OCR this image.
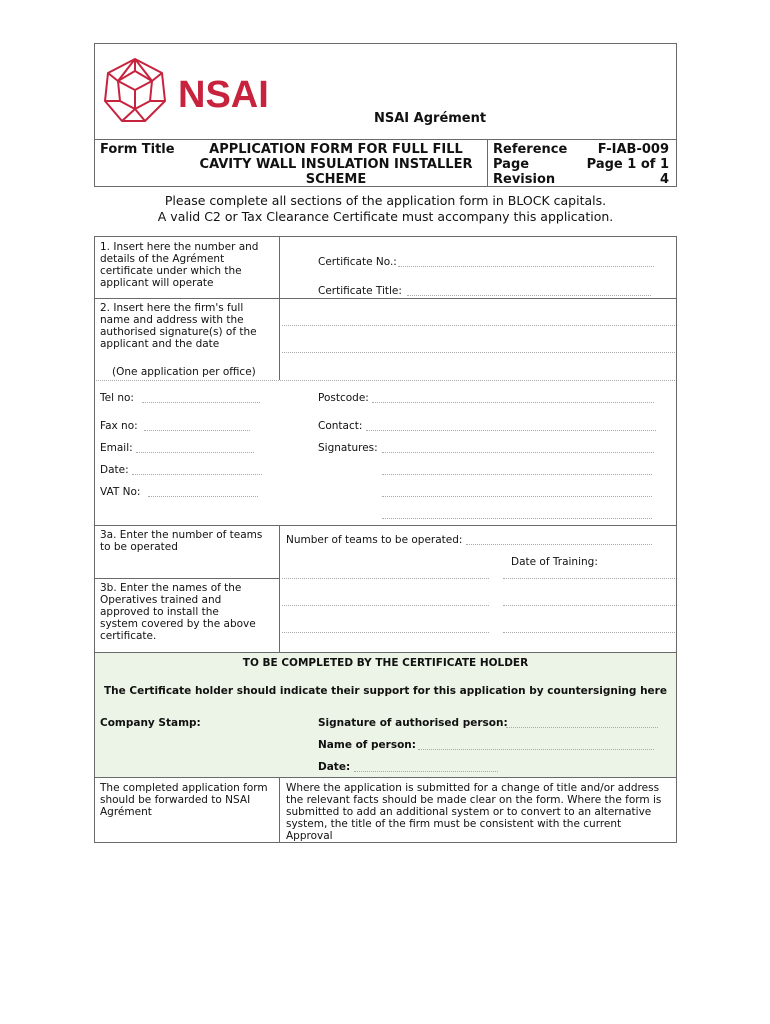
NSAI
NSAI Agrément
Form Title	APPLICATION FORM FOR FULL FILL
CAVITY WALL INSULATION INSTALLER
SCHEME
Reference	F-IAB-009
Page	Page 1 of 1
Revision	4
Please complete all sections of the application form in BLOCK capitals.
A valid C2 or Tax Clearance Certificate must accompany this application.
1. Insert here the number and details of the Agrément certificate under which the applicant will operate
Certificate No.:
Certificate Title:
2. Insert here the firm's full name and address with the authorised signature(s) of the applicant and the date
(One application per office)
Tel no:	Postcode:
Fax no:	Contact:
Email:	Signatures:
Date:
VAT No:
3a. Enter the number of teams to be operated
Number of teams to be operated:
Date of Training:
3b. Enter the names of the Operatives trained and approved to install the system covered by the above certificate.
TO BE COMPLETED BY THE CERTIFICATE HOLDER
The Certificate holder should indicate their support for this application by countersigning here
Company Stamp:	Signature of authorised person:
Name of person:
Date:
The completed application form should be forwarded to NSAI Agrément
Where the application is submitted for a change of title and/or address the relevant facts should be made clear on the form. Where the form is submitted to add an additional system or to convert to an alternative system, the title of the firm must be consistent with the current Approval
